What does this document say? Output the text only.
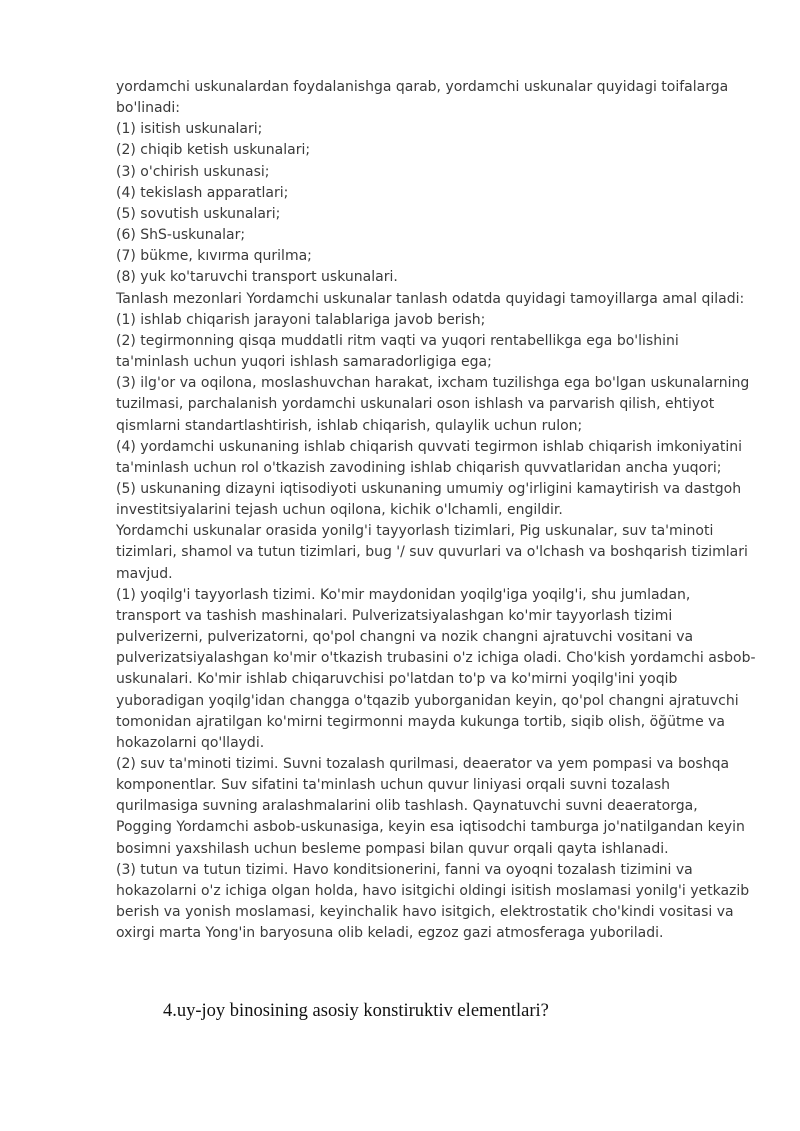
yordamchi uskunalardan foydalanishga qarab, yordamchi uskunalar quyidagi toifalarga bo'linadi:

(1) isitish uskunalari;

(2) chiqib ketish uskunalari;

(3) o'chirish uskunasi;

(4) tekislash apparatlari;

(5) sovutish uskunalari;

(6) ShS-uskunalar;

(7) bükme, kıvırma qurilma;

(8) yuk ko'taruvchi transport uskunalari.

Tanlash mezonlari Yordamchi uskunalar tanlash odatda quyidagi tamoyillarga amal qiladi:

(1) ishlab chiqarish jarayoni talablariga javob berish;

(2) tegirmonning qisqa muddatli ritm vaqti va yuqori rentabellikga ega bo'lishini ta'minlash uchun yuqori ishlash samaradorligiga ega;

(3) ilg'or va oqilona, moslashuvchan harakat, ixcham tuzilishga ega bo'lgan uskunalarning tuzilmasi, parchalanish yordamchi uskunalari oson ishlash va parvarish qilish, ehtiyot qismlarni standartlashtirish, ishlab chiqarish, qulaylik uchun rulon;

(4) yordamchi uskunaning ishlab chiqarish quvvati tegirmon ishlab chiqarish imkoniyatini ta'minlash uchun rol o'tkazish zavodining ishlab chiqarish quvvatlaridan ancha yuqori;

(5) uskunaning dizayni iqtisodiyoti uskunaning umumiy og'irligini kamaytirish va dastgoh investitsiyalarini tejash uchun oqilona, kichik o'lchamli, engildir.

Yordamchi uskunalar orasida yonilg'i tayyorlash tizimlari, Pig uskunalar, suv ta'minoti tizimlari, shamol va tutun tizimlari, bug '/ suv quvurlari va o'lchash va boshqarish tizimlari mavjud.

(1) yoqilg'i tayyorlash tizimi. Ko'mir maydonidan yoqilg'iga yoqilg'i, shu jumladan, transport va tashish mashinalari. Pulverizatsiyalashgan ko'mir tayyorlash tizimi pulverizerni, pulverizatorni, qo'pol changni va nozik changni ajratuvchi vositani va pulverizatsiyalashgan ko'mir o'tkazish trubasini o'z ichiga oladi. Cho'kish yordamchi asbob-uskunalari. Ko'mir ishlab chiqaruvchisi po'latdan to'p va ko'mirni yoqilg'ini yoqib yuboradigan yoqilg'idan changga o'tqazib yuborganidan keyin, qo'pol changni ajratuvchi tomonidan ajratilgan ko'mirni tegirmonni mayda kukunga tortib, siqib olish, öğütme va hokazolarni qo'llaydi.

(2) suv ta'minoti tizimi. Suvni tozalash qurilmasi, deaerator va yem pompasi va boshqa komponentlar. Suv sifatini ta'minlash uchun quvur liniyasi orqali suvni tozalash qurilmasiga suvning aralashmalarini olib tashlash. Qaynatuvchi suvni deaeratorga, Pogging Yordamchi asbob-uskunasiga, keyin esa iqtisodchi tamburga jo'natilgandan keyin bosimni yaxshilash uchun besleme pompasi bilan quvur orqali qayta ishlanadi.

(3) tutun va tutun tizimi. Havo konditsionerini, fanni va oyoqni tozalash tizimini va hokazolarni o'z ichiga olgan holda, havo isitgichi oldingi isitish moslamasi yonilg'i yetkazib berish va yonish moslamasi, keyinchalik havo isitgich, elektrostatik cho'kindi vositasi va oxirgi marta Yong'in baryosuna olib keladi, egzoz gazi atmosferaga yuboriladi.

4.uy-joy binosining asosiy konstiruktiv elementlari?
